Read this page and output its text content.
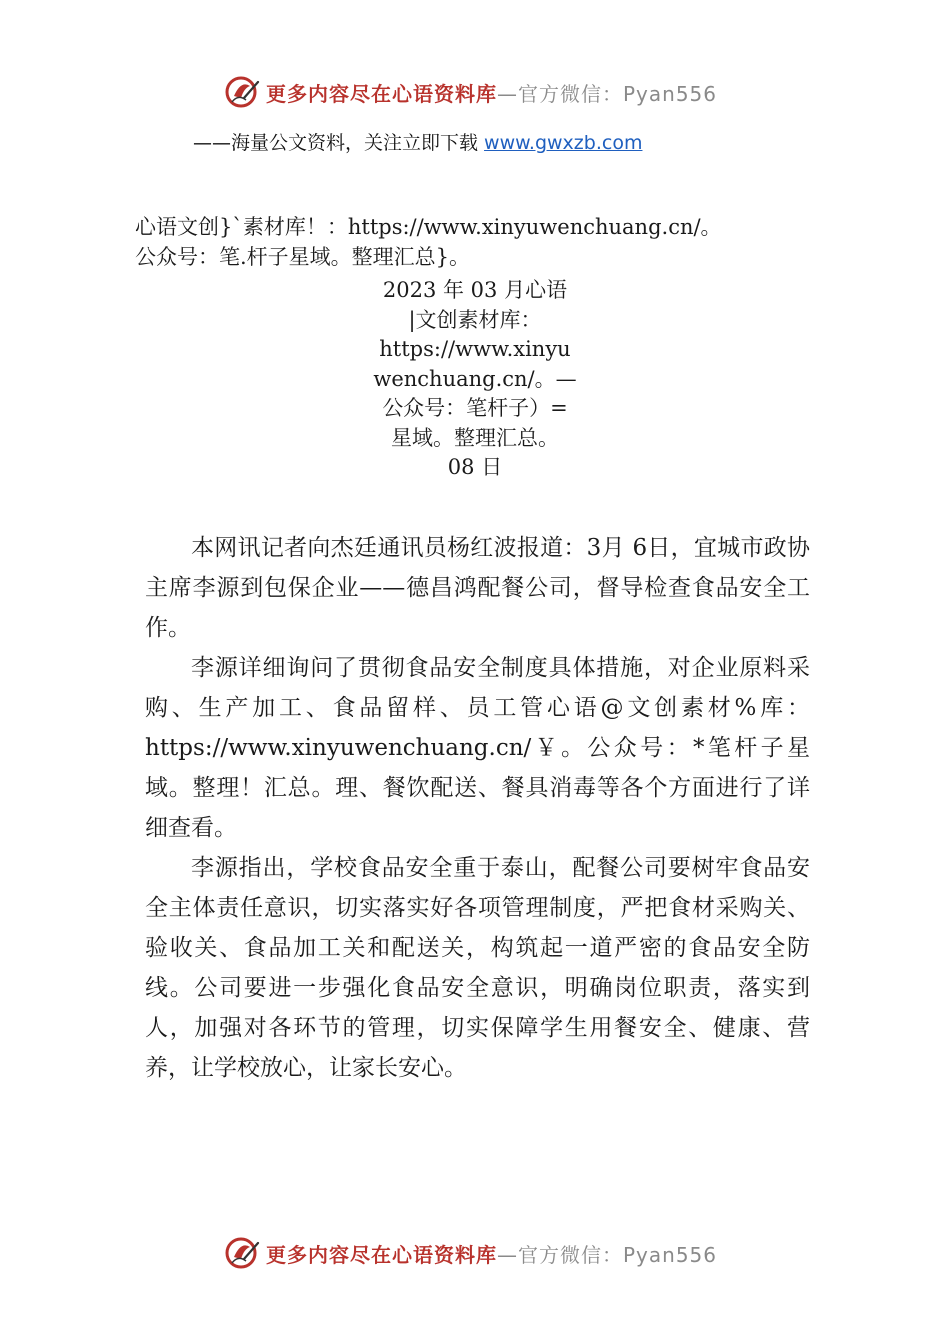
更多内容尽在心语资料库—官方微信：Pyan556
——海量公文资料，关注立即下载 www.gwxzb.com
心语文创}`素材库！：https://www.xinyuwenchuang.cn/。
公众号：笔.杆子星域。整理汇总}。
2023 年 03 月心语
|文创素材库：
https://www.xinyu
wenchuang.cn/。—
公众号：笔杆子）=
星域。整理汇总。
08 日

本网讯记者向杰廷通讯员杨红波报道：3月 6日，宜城市政协主席李源到包保企业——德昌鸿配餐公司，督导检查食品安全工作。

李源详细询问了贯彻食品安全制度具体措施，对企业原料采购、生产加工、食品留样、员工管心语@文创素材%库：https://www.xinyuwenchuang.cn/￥。公众号：*笔杆子星域。整理！汇总。理、餐饮配送、餐具消毒等各个方面进行了详细查看。

李源指出，学校食品安全重于泰山，配餐公司要树牢食品安全主体责任意识，切实落实好各项管理制度，严把食材采购关、验收关、食品加工关和配送关，构筑起一道严密的食品安全防线。公司要进一步强化食品安全意识，明确岗位职责，落实到人，加强对各环节的管理，切实保障学生用餐安全、健康、营养，让学校放心，让家长安心。

更多内容尽在心语资料库—官方微信：Pyan556
